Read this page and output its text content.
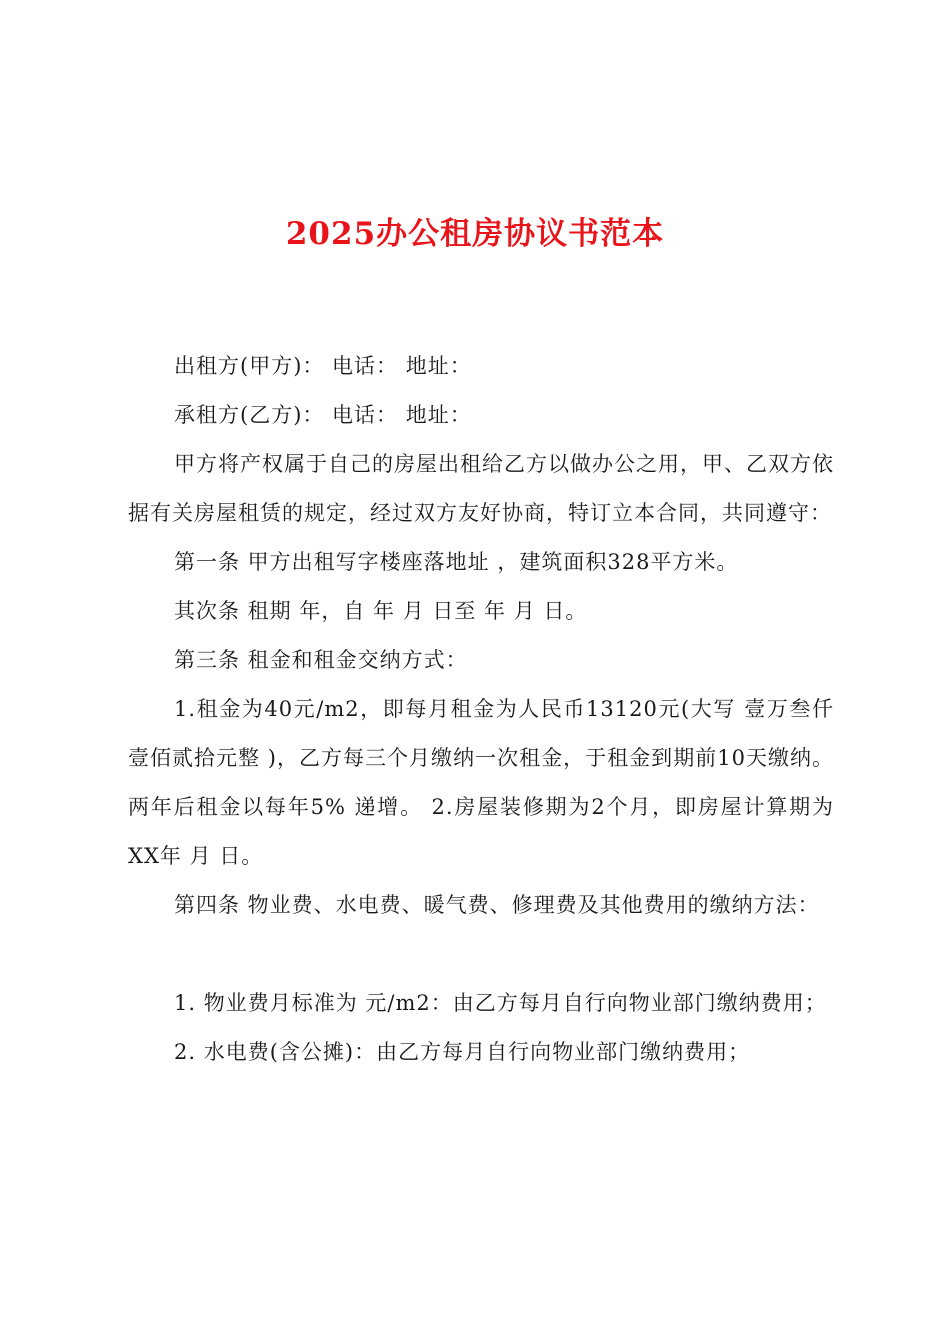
2025办公租房协议书范本

出租方(甲方)： 电话： 地址：

承租方(乙方)： 电话： 地址：

甲方将产权属于自己的房屋出租给乙方以做办公之用，甲、乙双方依据有关房屋租赁的规定，经过双方友好协商，特订立本合同，共同遵守：

第一条 甲方出租写字楼座落地址 ，建筑面积328平方米。

其次条 租期 年，自 年 月 日至 年 月 日。

第三条 租金和租金交纳方式：

1.租金为40元/m2，即每月租金为人民币13120元(大写 壹万叁仟壹佰贰拾元整 )，乙方每三个月缴纳一次租金，于租金到期前10天缴纳。两年后租金以每年5% 递增。 2.房屋装修期为2个月，即房屋计算期为XX年 月 日。

第四条 物业费、水电费、暖气费、修理费及其他费用的缴纳方法：

1. 物业费月标准为 元/m2：由乙方每月自行向物业部门缴纳费用；

2. 水电费(含公摊)：由乙方每月自行向物业部门缴纳费用；
